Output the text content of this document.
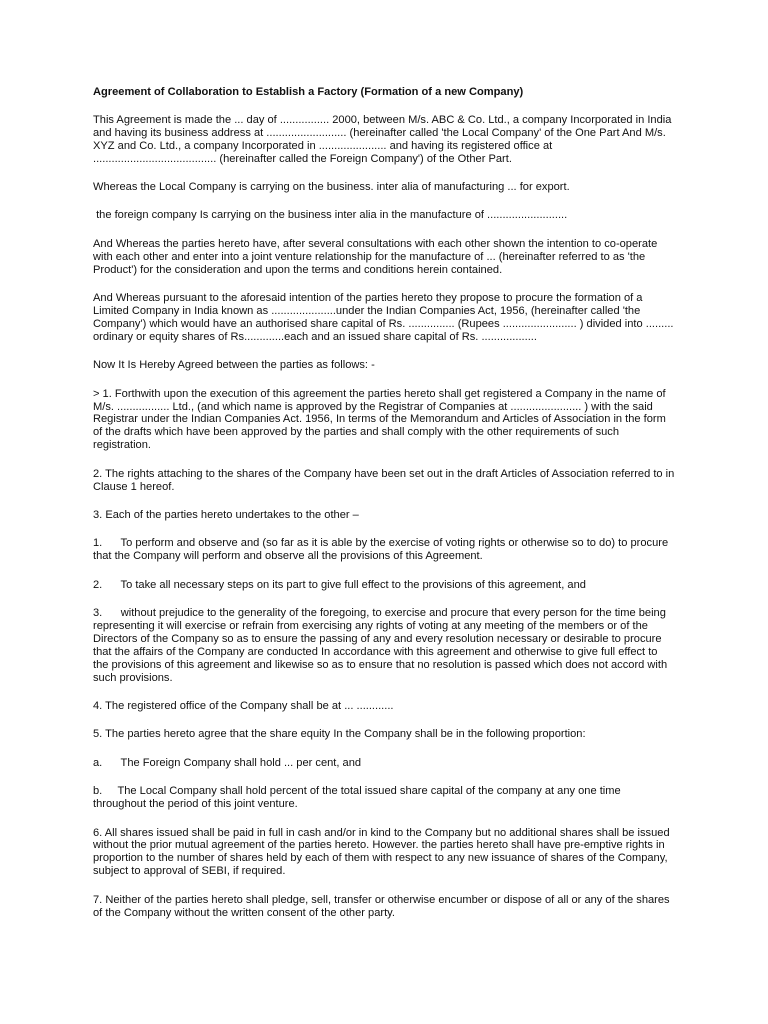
Agreement of Collaboration to Establish a Factory (Formation of a new Company)

This Agreement is made the ... day of ................ 2000, between M/s. ABC & Co. Ltd., a company Incorporated in India and having its business address at .......................... (hereinafter called 'the Local Company' of the One Part And M/s. XYZ and Co. Ltd., a company Incorporated in ...................... and having its registered office at ........................................ (hereinafter called the Foreign Company') of the Other Part.

Whereas the Local Company is carrying on the business. inter alia of manufacturing ... for export.

the foreign company Is carrying on the business inter alia in the manufacture of ..........................

And Whereas the parties hereto have, after several consultations with each other shown the intention to co-operate with each other and enter into a joint venture relationship for the manufacture of ... (hereinafter referred to as 'the Product') for the consideration and upon the terms and conditions herein contained.

And Whereas pursuant to the aforesaid intention of the parties hereto they propose to procure the formation of a Limited Company in India known as .....................under the Indian Companies Act, 1956, (hereinafter called 'the Company') which would have an authorised share capital of Rs. ............... (Rupees ........................ ) divided into ......... ordinary or equity shares of Rs.............each and an issued share capital of Rs. ..................

Now It Is Hereby Agreed between the parties as follows: -

> 1. Forthwith upon the execution of this agreement the parties hereto shall get registered a Company in the name of M/s. ................. Ltd., (and which name is approved by the Registrar of Companies at ....................... ) with the said Registrar under the Indian Companies Act. 1956, In terms of the Memorandum and Articles of Association in the form of the drafts which have been approved by the parties and shall comply with the other requirements of such registration.

2. The rights attaching to the shares of the Company have been set out in the draft Articles of Association referred to in Clause 1 hereof.

3. Each of the parties hereto undertakes to the other –

1.      To perform and observe and (so far as it is able by the exercise of voting rights or otherwise so to do) to procure that the Company will perform and observe all the provisions of this Agreement.

2.      To take all necessary steps on its part to give full effect to the provisions of this agreement, and

3.      without prejudice to the generality of the foregoing, to exercise and procure that every person for the time being representing it will exercise or refrain from exercising any rights of voting at any meeting of the members or of the Directors of the Company so as to ensure the passing of any and every resolution necessary or desirable to procure that the affairs of the Company are conducted In accordance with this agreement and otherwise to give full effect to the provisions of this agreement and likewise so as to ensure that no resolution is passed which does not accord with such provisions.

4. The registered office of the Company shall be at ... ............

5. The parties hereto agree that the share equity In the Company shall be in the following proportion:

a.      The Foreign Company shall hold ... per cent, and

b.     The Local Company shall hold percent of the total issued share capital of the company at any one time throughout the period of this joint venture.

6. All shares issued shall be paid in full in cash and/or in kind to the Company but no additional shares shall be issued without the prior mutual agreement of the parties hereto. However. the parties hereto shall have pre-emptive rights in proportion to the number of shares held by each of them with respect to any new issuance of shares of the Company, subject to approval of SEBI, if required.

7. Neither of the parties hereto shall pledge, sell, transfer or otherwise encumber or dispose of all or any of the shares of the Company without the written consent of the other party.
